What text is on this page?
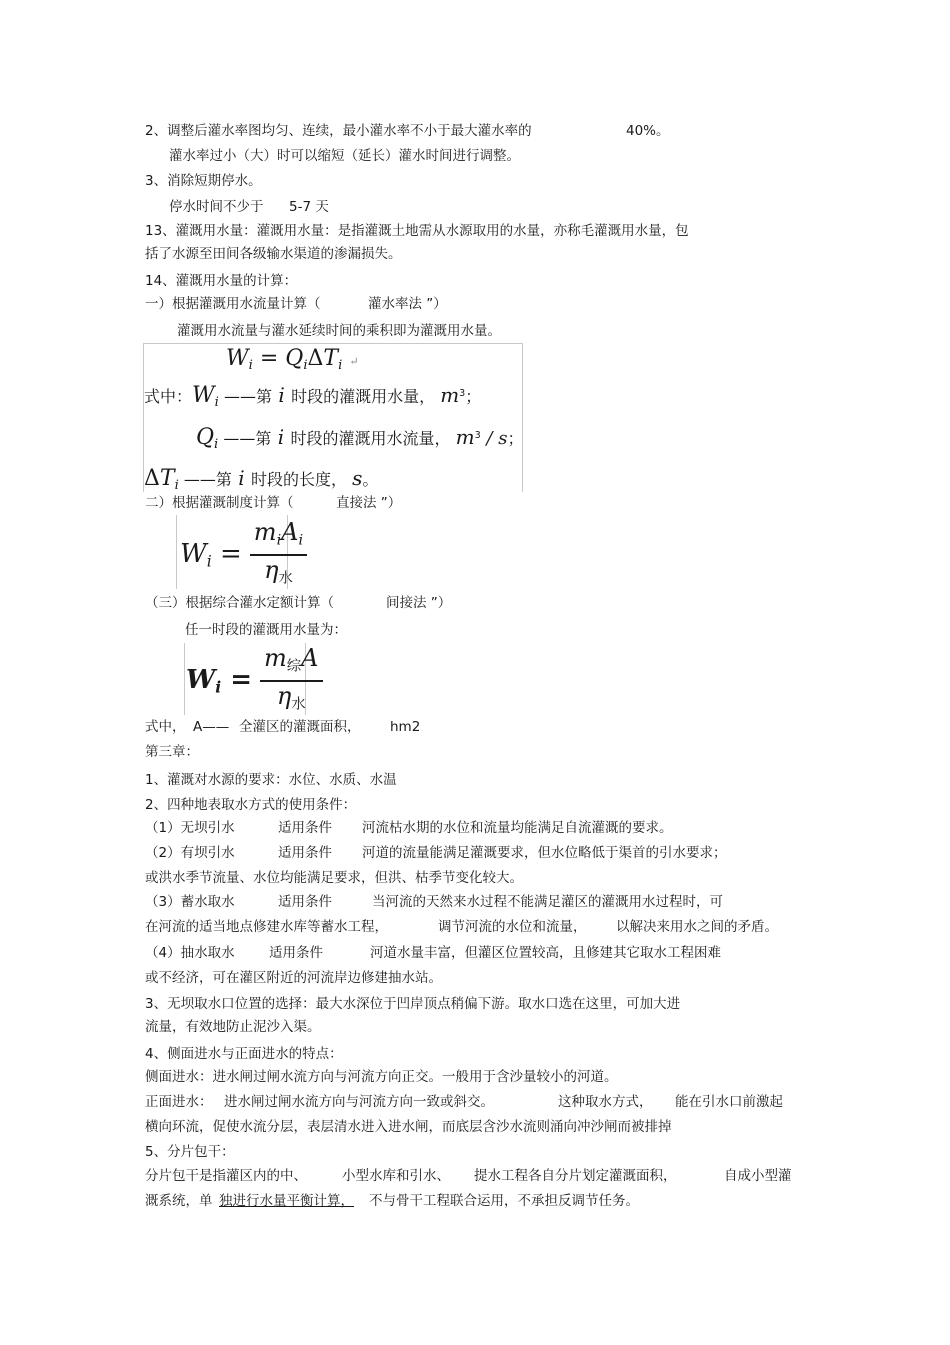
2、调整后灌水率图均匀、连续，最小灌水率不小于最大灌水率的	40%。
灌水率过小（大）时可以缩短（延长）灌水时间进行调整。
3、消除短期停水。
停水时间不少于 5-7 天
13、灌溉用水量：灌溉用水量：是指灌溉土地需从水源取用的水量，亦称毛灌溉用水量，包
括了水源至田间各级输水渠道的渗漏损失。
14、灌溉用水量的计算：
一）根据灌溉用水流量计算（	灌水率法 ”）
灌溉用水流量与灌水延续时间的乘积即为灌溉用水量。
$W_i = Q_i\Delta T_i$ ↵
式中：$W_i$ ——第 i 时段的灌溉用水量， $m^3$；
$Q_i$ ——第 i 时段的灌溉用水流量， $m^3$ / s；
$\Delta T_i$ ——第 i 时段的长度， s。
二）根据灌溉制度计算（	直接法 ”）
$W_i = \frac{m_iA_i}{\eta_水}$
（三）根据综合灌水定额计算（	间接法 ”）
任一时段的灌溉用水量为：
$W_i = \frac{m_综A}{\eta_水}$
式中， A—— 全灌区的灌溉面积， hm2
第三章：
1、灌溉对水源的要求：水位、水质、水温
2、四种地表取水方式的使用条件：
（1）无坝引水	适用条件 河流枯水期的水位和流量均能满足自流灌溉的要求。
（2）有坝引水	适用条件 河道的流量能满足灌溉要求，但水位略低于渠首的引水要求；
或洪水季节流量、水位均能满足要求，但洪、枯季节变化较大。
（3）蓄水取水	适用条件	当河流的天然来水过程不能满足灌区的灌溉用水过程时，可
在河流的适当地点修建水库等蓄水工程，	调节河流的水位和流量， 以解决来用水之间的矛盾。
（4）抽水取水	适用条件	河道水量丰富，但灌区位置较高，且修建其它取水工程困难
或不经济，可在灌区附近的河流岸边修建抽水站。
3、无坝取水口位置的选择：最大水深位于凹岸顶点稍偏下游。取水口选在这里，可加大进
流量，有效地防止泥沙入渠。
4、侧面进水与正面进水的特点：
侧面进水：进水闸过闸水流方向与河流方向正交。一般用于含沙量较小的河道。
正面进水： 进水闸过闸水流方向与河流方向一致或斜交。	这种取水方式， 能在引水口前激起
横向环流，促使水流分层，表层清水进入进水闸，而底层含沙水流则涌向冲沙闸而被排掉
5、分片包干：
分片包干是指灌区内的中、	小型水库和引水、 提水工程各自分片划定灌溉面积，	自成小型灌
溉系统，单 独进行水量平衡计算， 不与骨干工程联合运用，不承担反调节任务。
